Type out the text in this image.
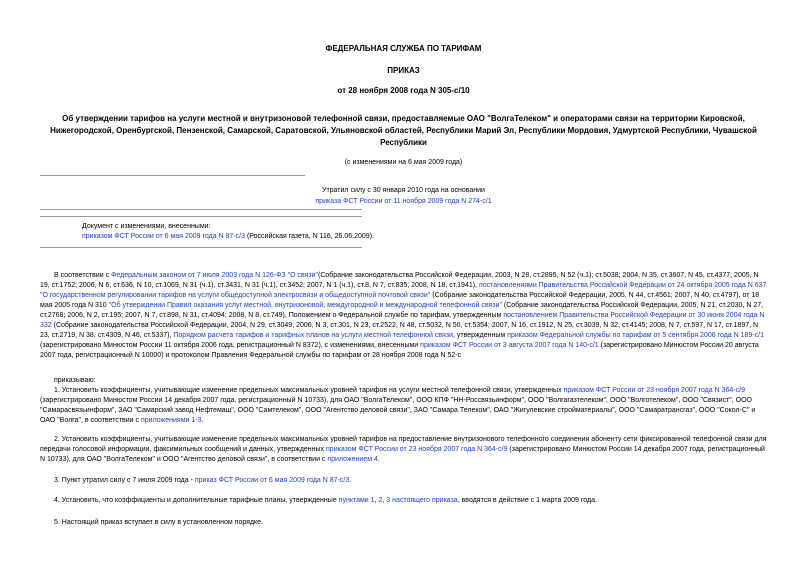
ФЕДЕРАЛЬНАЯ СЛУЖБА ПО ТАРИФАМ
ПРИКАЗ
от 28 ноября 2008 года N 305-с/10
Об утверждении тарифов на услуги местной и внутризоновой телефонной связи, предоставляемые ОАО "ВолгаТелеком" и операторами связи на территории Кировской, Нижегородской, Оренбургской, Пензенской, Самарской, Саратовской, Ульяновской областей, Республики Марий Эл, Республики Мордовия, Удмуртской Республики, Чувашской Республики
(с изменениями на 6 мая 2009 года)
Утратил силу с 30 января 2010 года на основании
приказа ФСТ России от 11 ноября 2009 года N 274-с/1
Документ с изменениями, внесенными:
приказом ФСТ России от 6 мая 2009 года N 87-с/3 (Российская газета, N 116, 26.06.2009).
В соответствии с Федеральным законом от 7 июля 2003 года N 126-ФЗ "О связи"(Собрание законодательства Российской Федерации, 2003, N 28, ст.2895, N 52 (ч.1); ст.5038; 2004, N 35, ст.3607, N 45, ст.4377; 2005, N 19, ст.1752; 2006, N 6, ст.636, N 10, ст.1069, N 31 (ч.1), ст.3431, N 31 (ч.1), ст.3452; 2007, N 1 (ч.1), ст.8, N 7, ст.835; 2008, N 18, ст.1941), постановлениями Правительства Российской Федерации от 24 октября 2005 года N 637 "О государственном регулировании тарифов на услуги общедоступной электросвязи и общедоступной почтовой связи" (Собрание законодательства Российской Федерации, 2005, N 44, ст.4561; 2007, N 40, ст.4797), от 18 мая 2005 года N 310 "Об утверждении Правил оказания услуг местной, внутризоновой, междугородной и международной телефонной связи" (Собрание законодательства Российской Федерации, 2005, N 21, ст.2030, N 27, ст.2768; 2006, N 2, ст.195; 2007, N 7, ст.898, N 31, ст.4094; 2008, N 8, ст.749), Положением о Федеральной службе по тарифам, утвержденным постановлением Правительства Российской Федерации от 30 июня 2004 года N 332 (Собрание законодательства Российской Федерации, 2004, N 29, ст.3049; 2006, N 3, ст.301, N 23, ст.2522, N 48, ст.5032, N 50, ст.5354; 2007, N 16, ст.1912, N 25, ст.3039, N 32, ст.4145; 2008, N 7, ст.597, N 17, ст.1897, N 23, ст.2719, N 38, ст.4309, N 46, ст.5337), Порядком расчета тарифов и тарифных планов на услуги местной телефонной связи, утвержденным приказом Федеральной службы по тарифам от 5 сентября 2006 года N 189-с/1 (зарегистрировано Минюстом России 11 октября 2006 года, регистрационный N 8372), с изменениями, внесенными приказом ФСТ России от 3 августа 2007 года N 140-с/1 (зарегистрировано Минюстом России 20 августа 2007 года, регистрационный N 10000) и протоколом Правления Федеральной службы по тарифам от 28 ноября 2008 года N 52-с
приказываю:
1. Установить коэффициенты, учитывающие изменение предельных максимальных уровней тарифов на услуги местной телефонной связи, утвержденных приказом ФСТ России от 23 ноября 2007 года N 364-с/9 (зарегистрировано Минюстом России 14 декабря 2007 года, регистрационный N 10733), для ОАО "ВолгаТелеком", ООО КПФ "НН-Россвязьинформ", ООО "Волгагазтелеком", ООО "Волготелеком", ООО "Связист", ООО "Самарасвязьинформ", ЗАО "Самарский завод Нефтемаш", ООО "Самтелеком", ООО "Агентство деловой связи", ЗАО "Самара Телеком", ОАО "Жигулевские стройматериалы", ООО "Самаратрансгаз", ООО "Сокол-С" и ОАО "Волга", в соответствии с приложениями 1-3.
2. Установить коэффициенты, учитывающие изменение предельных максимальных уровней тарифов на предоставление внутризонового телефонного соединения абоненту сети фиксированной телефонной связи для передачи голосовой информации, факсимильных сообщений и данных, утвержденных приказом ФСТ России от 23 ноября 2007 года N 364-с/9 (зарегистрировано Минюстом России 14 декабря 2007 года, регистрационный N 10733), для ОАО "ВолгаТелеком" и ООО "Агентство деловой связи", в соответствии с приложением 4.
3. Пункт утратил силу с 7 июля 2009 года - приказ ФСТ России от 6 мая 2009 года N 87-с/3.
4. Установить, что коэффициенты и дополнительные тарифные планы, утвержденные пунктами 1, 2, 3 настоящего приказа, вводятся в действие с 1 марта 2009 года.
5. Настоящий приказ вступает в силу в установленном порядке.
